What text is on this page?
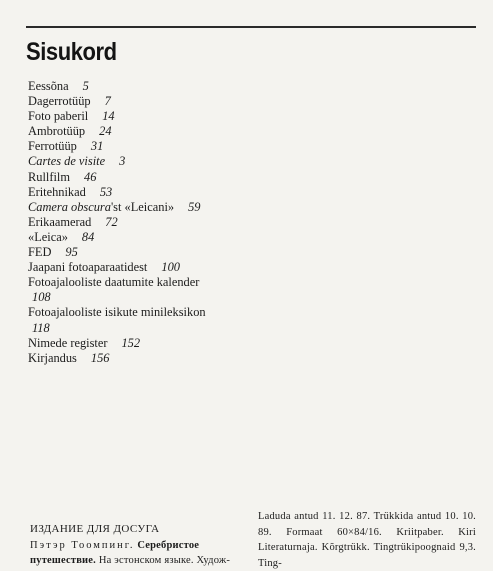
Sisukord
Eessõna 5
Dagerrotüüp 7
Foto paberil 14
Ambrotüüp 24
Ferrotüüp 31
Cartes de visite 3
Rullfilm 46
Eritehnikad 53
Camera obscura'st «Leicani» 59
Erikaamerad 72
«Leica» 84
FED 95
Jaapani fotoaparaatidest 100
Fotoajalooliste daatumite kalender
108
Fotoajalooliste isikute minileksikon
118
Nimede register 152
Kirjandus 156
ИЗДАНИЕ ДЛЯ ДОСУГА
Пэтэр Тоомпинг. Серебристое путешествие. На эстонском языке. Худож-
Laduda antud 11. 12. 87. Trükkida antud 10. 10. 89. Formaat 60×84/16. Kriitpaber. Kiri Literaturnaja. Kõrgtrükk. Tingtrükipoognaid 9,3. Ting-
